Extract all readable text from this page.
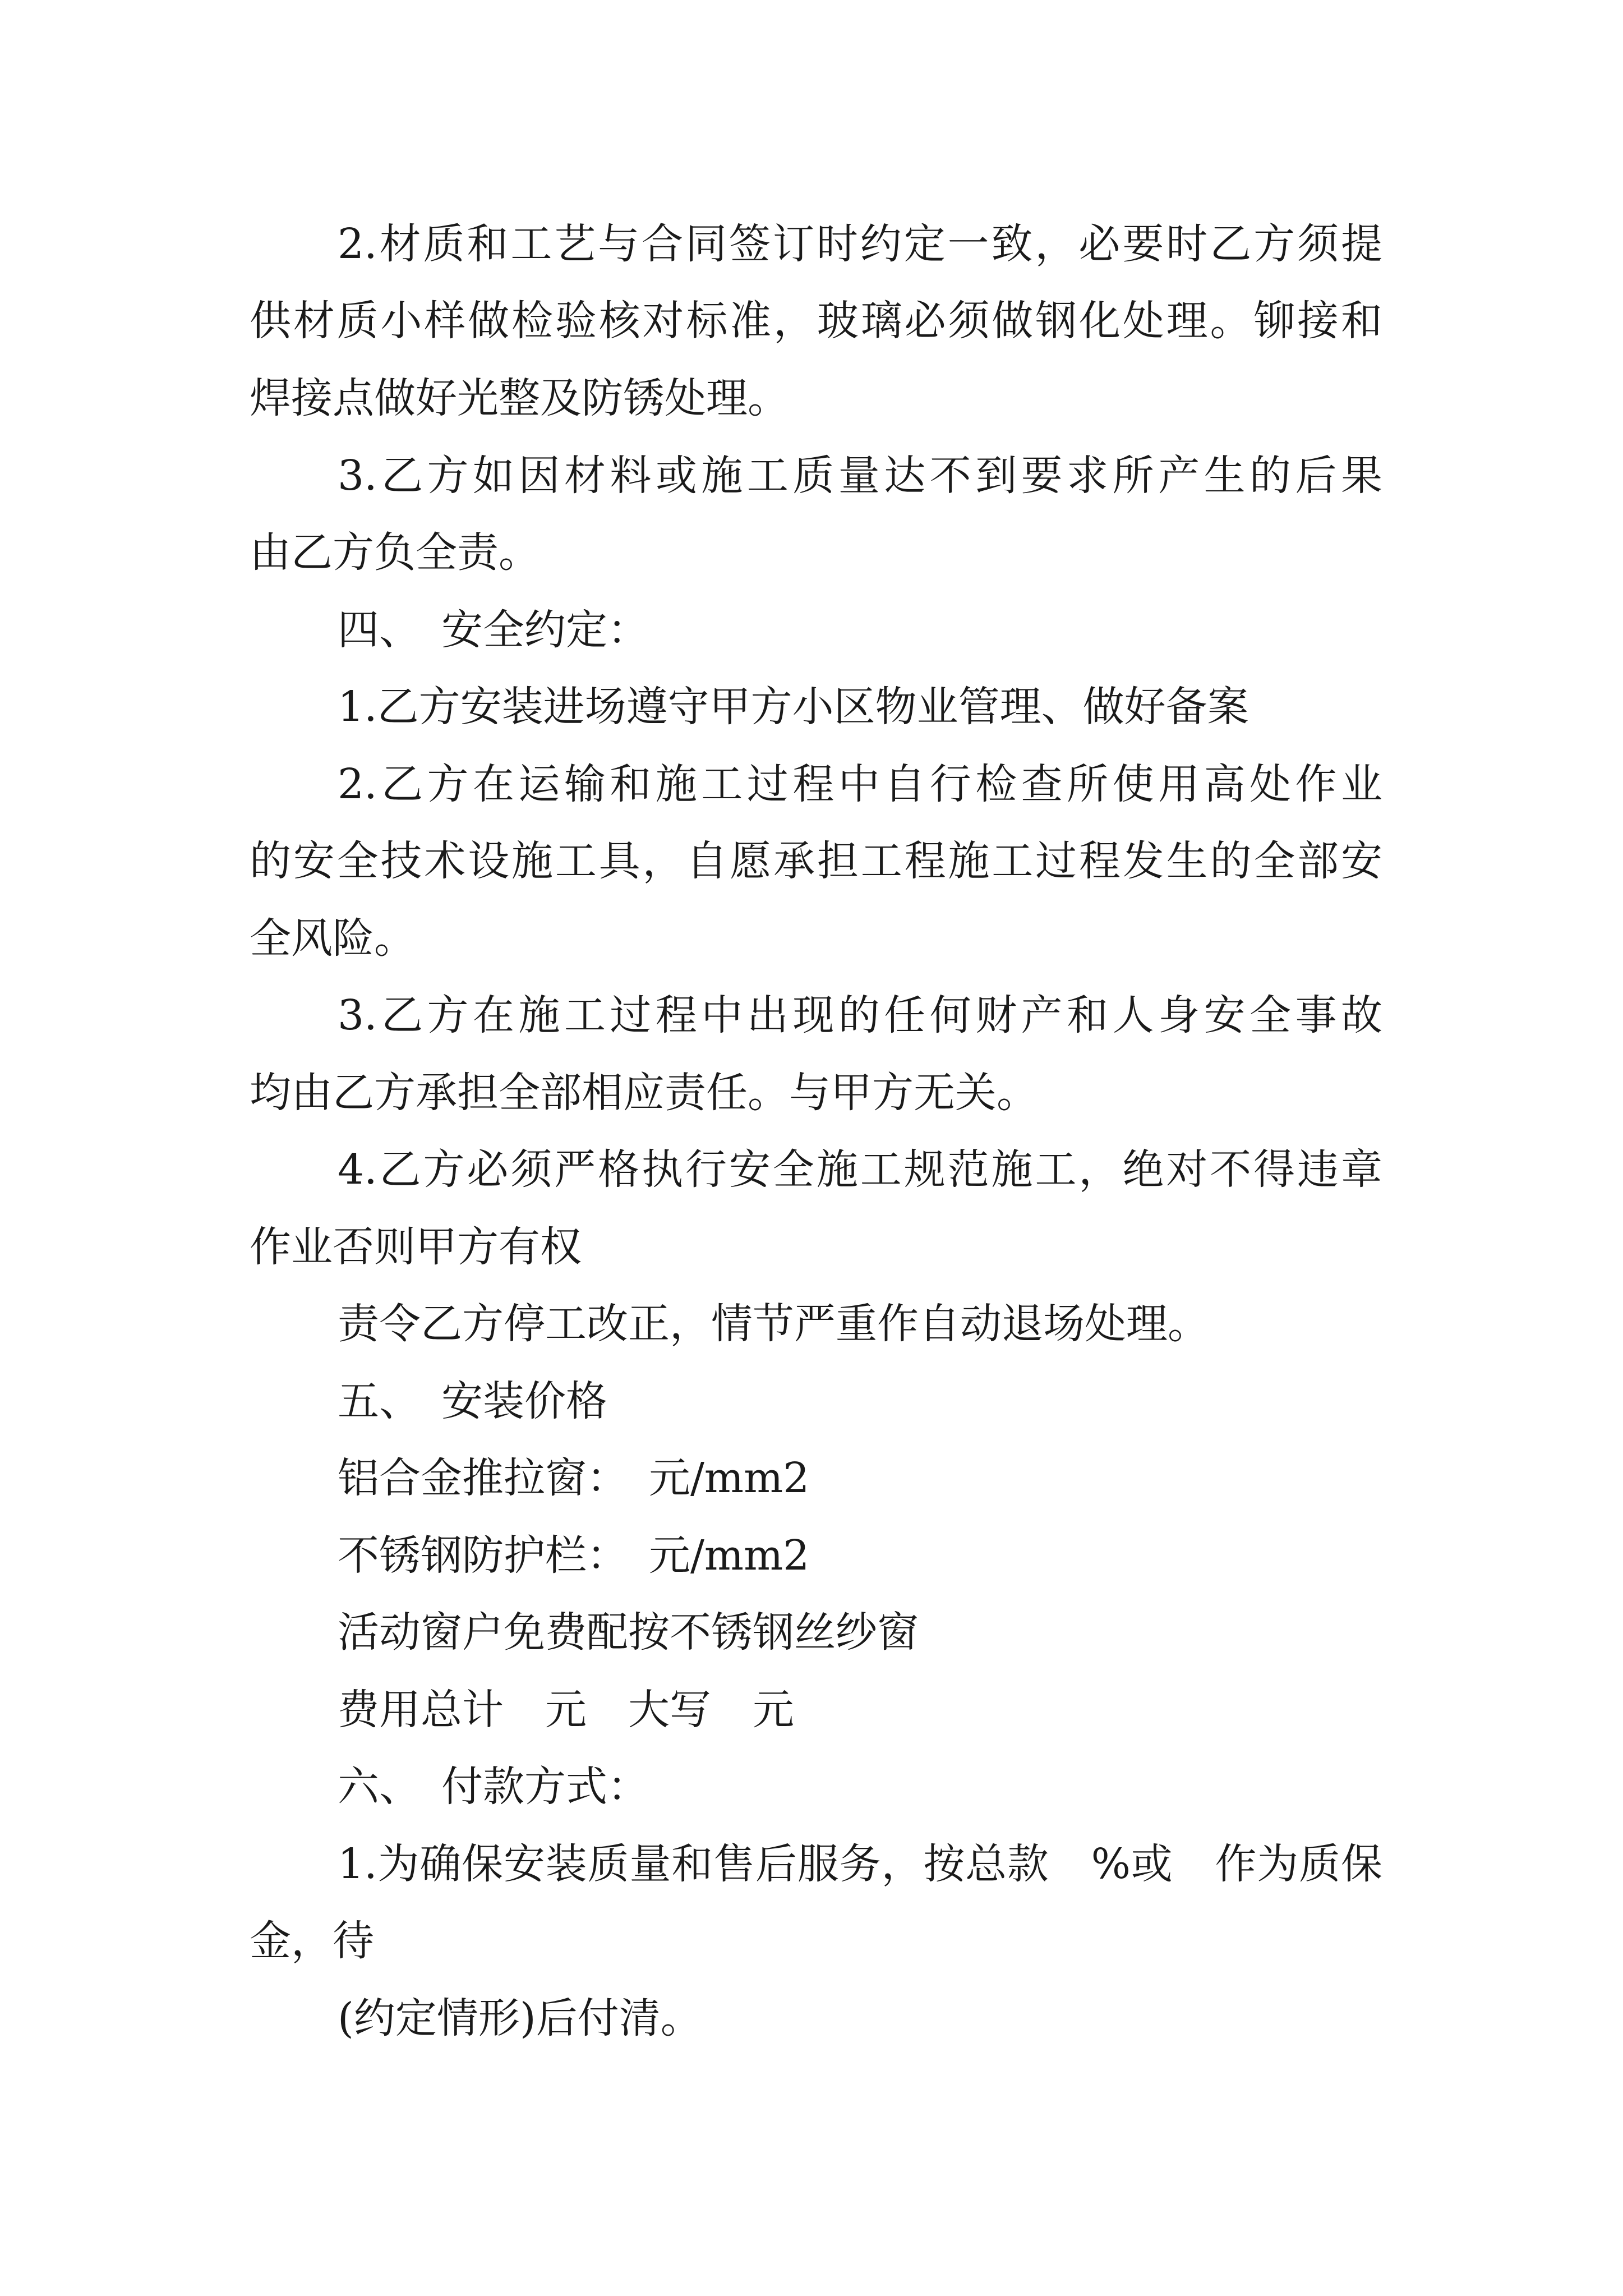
2.材质和工艺与合同签订时约定一致，必要时乙方须提
供材质小样做检验核对标准，玻璃必须做钢化处理。铆接和
焊接点做好光整及防锈处理。
3.乙方如因材料或施工质量达不到要求所产生的后果
由乙方负全责。
四、　安全约定：
1.乙方安装进场遵守甲方小区物业管理、做好备案
2.乙方在运输和施工过程中自行检查所使用高处作业
的安全技术设施工具，自愿承担工程施工过程发生的全部安
全风险。
3.乙方在施工过程中出现的任何财产和人身安全事故
均由乙方承担全部相应责任。与甲方无关。
4.乙方必须严格执行安全施工规范施工，绝对不得违章
作业否则甲方有权
责令乙方停工改正，情节严重作自动退场处理。
五、　安装价格
铝合金推拉窗：　元/mm2
不锈钢防护栏：　元/mm2
活动窗户免费配按不锈钢丝纱窗
费用总计　元　大写　元
六、　付款方式：
1.为确保安装质量和售后服务，按总款　%或　作为质保
金，待
(约定情形)后付清。
